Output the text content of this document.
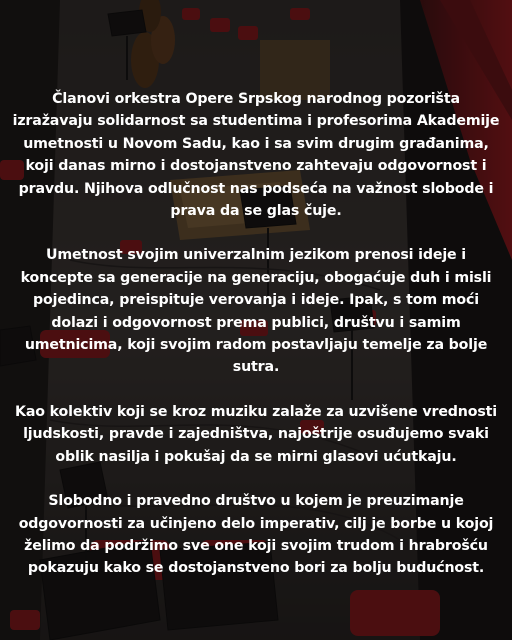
Članovi orkestra Opere Srpskog narodnog pozorišta izražavaju solidarnost sa studentima i profesorima Akademije umetnosti u Novom Sadu, kao i sa svim drugim građanima, koji danas mirno i dostojanstveno zahtevaju odgovornost i pravdu. Njihova odlučnost nas podseća na važnost slobode i prava da se glas čuje.

Umetnost svojim univerzalnim jezikom prenosi ideje i koncepte sa generacije na generaciju, obogaćuje duh i misli pojedinca, preispituje verovanja i ideje. Ipak, s tom moći dolazi i odgovornost prema publici, društvu i samim umetnicima, koji svojim radom postavljaju temelje za bolje sutra.

Kao kolektiv koji se kroz muziku zalaže za uzvišene vrednosti ljudskosti, pravde i zajedništva, najoštrije osuđujemo svaki oblik nasilja i pokušaj da se mirni glasovi ućutkaju.

Slobodno i pravedno društvo u kojem je preuzimanje odgovornosti za učinjeno delo imperativ, cilj je borbe u kojoj želimo da podržimo sve one koji svojim trudom i hrabrošću pokazuju kako se dostojanstveno bori za bolju budućnost.
